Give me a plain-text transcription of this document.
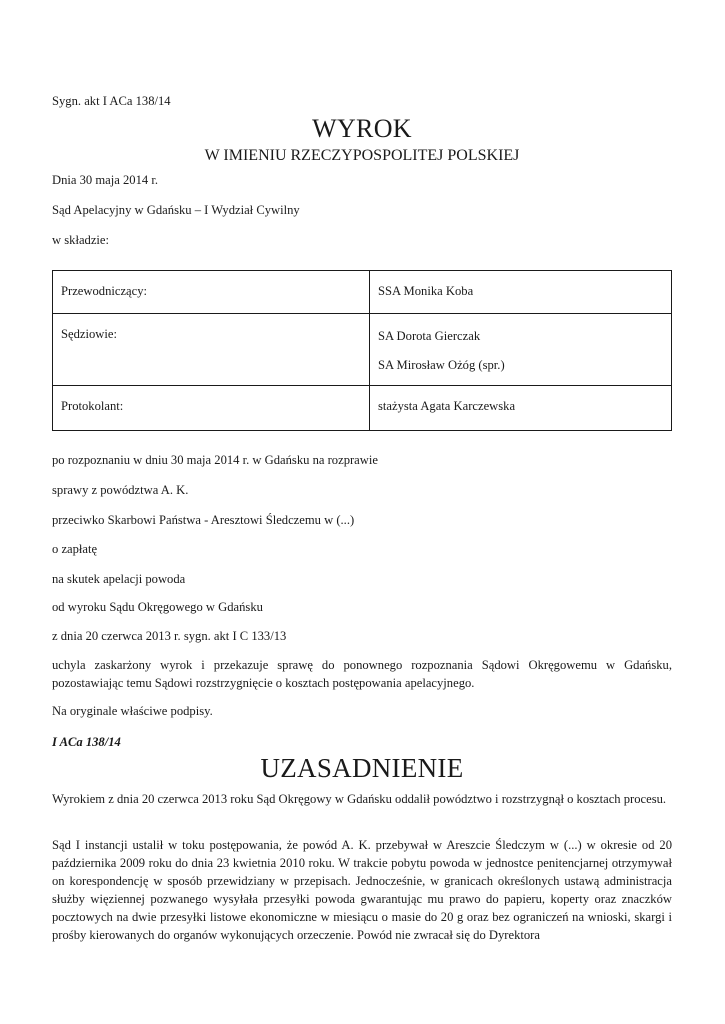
Sygn. akt I ACa 138/14

WYROK
W IMIENIU RZECZYPOSPOLITEJ POLSKIEJ

Dnia 30 maja 2014 r.

Sąd Apelacyjny w Gdańsku – I Wydział Cywilny

w składzie:

Przewodniczący:	SSA Monika Koba
Sędziowie:	SA Dorota Gierczak

SA Mirosław Ożóg (spr.)

Protokolant:	stażysta Agata Karczewska

po rozpoznaniu w dniu 30 maja 2014 r. w Gdańsku na rozprawie

sprawy z powództwa A. K.

przeciwko Skarbowi Państwa - Aresztowi Śledczemu w (...)

o zapłatę

na skutek apelacji powoda

od wyroku Sądu Okręgowego w Gdańsku

z dnia 20 czerwca 2013 r. sygn. akt I C 133/13

uchyla zaskarżony wyrok i przekazuje sprawę do ponownego rozpoznania Sądowi Okręgowemu w Gdańsku, pozostawiając temu Sądowi rozstrzygnięcie o kosztach postępowania apelacyjnego.

Na oryginale właściwe podpisy.

I ACa 138/14

UZASADNIENIE

Wyrokiem z dnia 20 czerwca 2013 roku Sąd Okręgowy w Gdańsku oddalił powództwo i rozstrzygnął o kosztach procesu.

Sąd I instancji ustalił w toku postępowania, że powód A. K. przebywał w Areszcie Śledczym w (...) w okresie od 20 października 2009 roku do dnia 23 kwietnia 2010 roku. W trakcie pobytu powoda w jednostce penitencjarnej otrzymywał on korespondencję w sposób przewidziany w przepisach. Jednocześnie, w granicach określonych ustawą administracja służby więziennej pozwanego wysyłała przesyłki powoda gwarantując mu prawo do papieru, koperty oraz znaczków pocztowych na dwie przesyłki listowe ekonomiczne w miesiącu o masie do 20 g oraz bez ograniczeń na wnioski, skargi i prośby kierowanych do organów wykonujących orzeczenie. Powód nie zwracał się do Dyrektora
